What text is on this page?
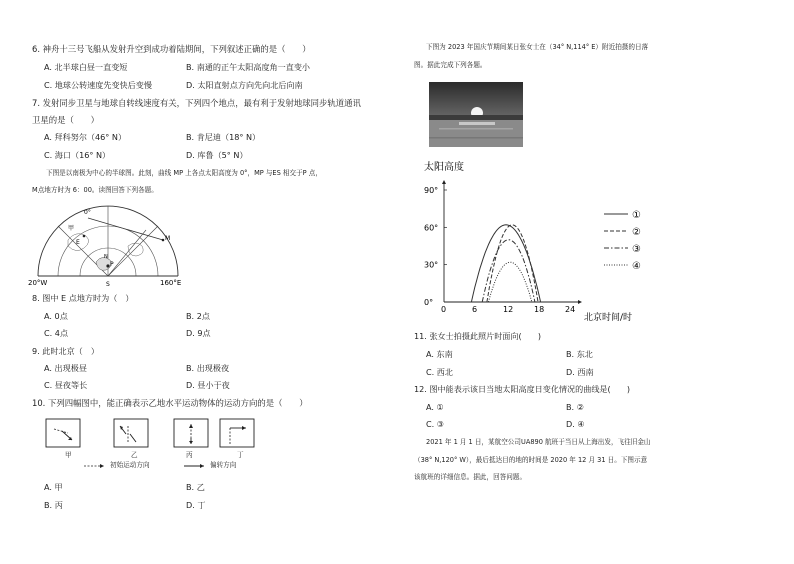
6. 神舟十三号飞船从发射升空到成功着陆期间，下列叙述正确的是（　　）
A. 北半球白昼一直变短	B. 南通的正午太阳高度角一直变小
C. 地球公转速度先变快后变慢	D. 太阳直射点方向先向北后向南
7. 发射同步卫星与地球自转线速度有关，下列四个地点，最有利于发射地球同步轨道通讯
卫星的是（　　）
A. 拜科努尔（46° N）	B. 肯尼迪（18° N）
C. 海口（16° N）	D. 库鲁（5° N）
下图是以南极为中心的半球图。此刻，曲线 MP 上各点太阳高度为 0°，MP 与ES 相交于P 点，
M点地方时为 6：00。读图回答下列各题。
0°
M
甲
E
P
N
20°W	160°E
S
8. 图中 E 点地方时为（　）
A. 0点	B. 2点
C. 4点	D. 9点
9. 此时北京（　）
A. 出现极昼	B. 出现极夜
C. 昼夜等长	D. 昼小于夜
10. 下列四幅图中，能正确表示乙地水平运动物体的运动方向的是（　　）
甲	乙	丙	丁
初始运动方向	偏转方向
A. 甲	B. 乙
B. 丙	D. 丁
下图为 2023 年国庆节期间某日张女士在（34° N,114° E）附近拍摄的日落
图。据此完成下列各题。
太阳高度
北京时间/时
①
②
③
④
0	6	12	18	24
0°
30°
60°
90°
11. 张女士拍摄此照片时面向(　　)
A. 东南	B. 东北
C. 西北	D. 西南
12. 图中能表示该日当地太阳高度日变化情况的曲线是(　　)
A. ①	B. ②
C. ③	D. ④
2021 年 1 月 1 日，某航空公司UA890 航班于当日从上海出发，飞往旧金山
（38° N,120° W），最后抵达目的地的时间是 2020 年 12 月 31 日。下图示意
该航班的详细信息。据此，回答问题。
